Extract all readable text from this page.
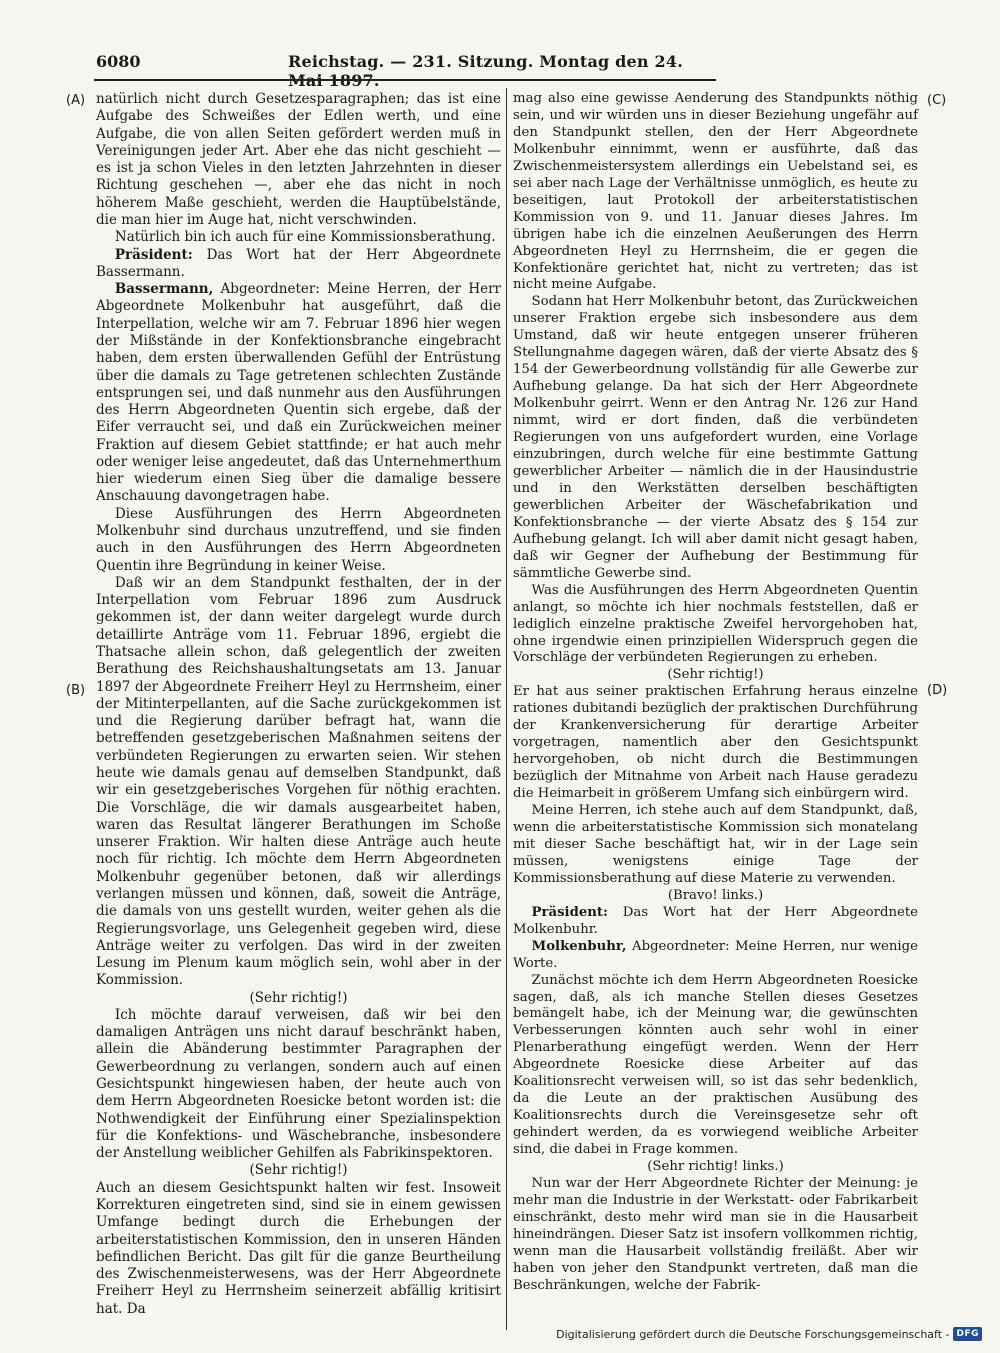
6080	Reichstag. — 231. Sitzung. Montag den 24.
(A)
(B)
(C)
(D)

natürlich nicht durch Gesetzesparagraphen; das ist eine Aufgabe des Schweißes der Edlen werth, und eine Aufgabe, die von allen Seiten gefördert werden muß in Vereinigungen jeder Art. Aber ehe das nicht geschieht — es ist ja schon Vieles in den letzten Jahrzehnten in dieser Richtung geschehen —, aber ehe das nicht in noch höherem Maße geschieht, werden die Hauptübelstände, die man hier im Auge hat, nicht verschwinden.

Natürlich bin ich auch für eine Kommissionsberathung.

Präsident: Das Wort hat der Herr Abgeordnete Bassermann.

Bassermann, Abgeordneter: Meine Herren, der Herr Abgeordnete Molkenbuhr hat ausgeführt, daß die Interpellation, welche wir am 7. Februar 1896 hier wegen der Mißstände in der Konfektionsbranche eingebracht haben, dem ersten überwallenden Gefühl der Entrüstung über die damals zu Tage getretenen schlechten Zustände entsprungen sei, und daß nunmehr aus den Ausführungen des Herrn Abgeordneten Quentin sich ergebe, daß der Eifer verraucht sei, und daß ein Zurückweichen meiner Fraktion auf diesem Gebiet stattfinde; er hat auch mehr oder weniger leise angedeutet, daß das Unternehmerthum hier wiederum einen Sieg über die damalige bessere Anschauung davongetragen habe.

Diese Ausführungen des Herrn Abgeordneten Molkenbuhr sind durchaus unzutreffend, und sie finden auch in den Ausführungen des Herrn Abgeordneten Quentin ihre Begründung in keiner Weise.

Daß wir an dem Standpunkt festhalten, der in der Interpellation vom Februar 1896 zum Ausdruck gekommen ist, der dann weiter dargelegt wurde durch detaillirte Anträge vom 11. Februar 1896, ergiebt die Thatsache allein schon, daß gelegentlich der zweiten Berathung des Reichshaushaltungsetats am 13. Januar 1897 der Abgeordnete Freiherr Heyl zu Herrnsheim, einer der Mitinterpellanten, auf die Sache zurückgekommen ist und die Regierung darüber befragt hat, wann die betreffenden gesetzgeberischen Maßnahmen seitens der verbündeten Regierungen zu erwarten seien. Wir stehen heute wie damals genau auf demselben Standpunkt, daß wir ein gesetzgeberisches Vorgehen für nöthig erachten. Die Vorschläge, die wir damals ausgearbeitet haben, waren das Resultat längerer Berathungen im Schoße unserer Fraktion. Wir halten diese Anträge auch heute noch für richtig. Ich möchte dem Herrn Abgeordneten Molkenbuhr gegenüber betonen, daß wir allerdings verlangen müssen und können, daß, soweit die Anträge, die damals von uns gestellt wurden, weiter gehen als die Regierungsvorlage, uns Gelegenheit gegeben wird, diese Anträge weiter zu verfolgen. Das wird in der zweiten Lesung im Plenum kaum möglich sein, wohl aber in der Kommission.

(Sehr richtig!)

Ich möchte darauf verweisen, daß wir bei den damaligen Anträgen uns nicht darauf beschränkt haben, allein die Abänderung bestimmter Paragraphen der Gewerbeordnung zu verlangen, sondern auch auf einen Gesichtspunkt hingewiesen haben, der heute auch von dem Herrn Abgeordneten Roesicke betont worden ist: die Nothwendigkeit der Einführung einer Spezialinspektion für die Konfektions- und Wäschebranche, insbesondere der Anstellung weiblicher Gehilfen als Fabrikinspektoren.

(Sehr richtig!)

Auch an diesem Gesichtspunkt halten wir fest. Insoweit Korrekturen eingetreten sind, sind sie in einem gewissen Umfange bedingt durch die Erhebungen der arbeiterstatistischen Kommission, den in unseren Händen befindlichen Bericht. Das gilt für die ganze Beurtheilung des Zwischenmeisterwesens, was der Herr Abgeordnete Freiherr Heyl zu Herrnsheim seinerzeit abfällig kritisirt hat. Da

mag also eine gewisse Aenderung des Standpunkts nöthig sein, und wir würden uns in dieser Beziehung ungefähr auf den Standpunkt stellen, den der Herr Abgeordnete Molkenbuhr einnimmt, wenn er ausführte, daß das Zwischenmeistersystem allerdings ein Uebelstand sei, es sei aber nach Lage der Verhältnisse unmöglich, es heute zu beseitigen, laut Protokoll der arbeiterstatistischen Kommission von 9. und 11. Januar dieses Jahres. Im übrigen habe ich die einzelnen Aeußerungen des Herrn Abgeordneten Heyl zu Herrnsheim, die er gegen die Konfektionäre gerichtet hat, nicht zu vertreten; das ist nicht meine Aufgabe.

Sodann hat Herr Molkenbuhr betont, das Zurückweichen unserer Fraktion ergebe sich insbesondere aus dem Umstand, daß wir heute entgegen unserer früheren Stellungnahme dagegen wären, daß der vierte Absatz des § 154 der Gewerbeordnung vollständig für alle Gewerbe zur Aufhebung gelange. Da hat sich der Herr Abgeordnete Molkenbuhr geirrt. Wenn er den Antrag Nr. 126 zur Hand nimmt, wird er dort finden, daß die verbündeten Regierungen von uns aufgefordert wurden, eine Vorlage einzubringen, durch welche für eine bestimmte Gattung gewerblicher Arbeiter — nämlich die in der Hausindustrie und in den Werkstätten derselben beschäftigten gewerblichen Arbeiter der Wäschefabrikation und Konfektionsbranche — der vierte Absatz des § 154 zur Aufhebung gelangt. Ich will aber damit nicht gesagt haben, daß wir Gegner der Aufhebung der Bestimmung für sämmtliche Gewerbe sind.

Was die Ausführungen des Herrn Abgeordneten Quentin anlangt, so möchte ich hier nochmals feststellen, daß er lediglich einzelne praktische Zweifel hervorgehoben hat, ohne irgendwie einen prinzipiellen Widerspruch gegen die Vorschläge der verbündeten Regierungen zu erheben.

(Sehr richtig!)

Er hat aus seiner praktischen Erfahrung heraus einzelne rationes dubitandi bezüglich der praktischen Durchführung der Krankenversicherung für derartige Arbeiter vorgetragen, namentlich aber den Gesichtspunkt hervorgehoben, ob nicht durch die Bestimmungen bezüglich der Mitnahme von Arbeit nach Hause geradezu die Heimarbeit in größerem Umfang sich einbürgern wird.

Meine Herren, ich stehe auch auf dem Standpunkt, daß, wenn die arbeiterstatistische Kommission sich monatelang mit dieser Sache beschäftigt hat, wir in der Lage sein müssen, wenigstens einige Tage der Kommissionsberathung auf diese Materie zu verwenden.

(Bravo! links.)

Präsident: Das Wort hat der Herr Abgeordnete Molkenbuhr.

Molkenbuhr, Abgeordneter: Meine Herren, nur wenige Worte.

Zunächst möchte ich dem Herrn Abgeordneten Roesicke sagen, daß, als ich manche Stellen dieses Gesetzes bemängelt habe, ich der Meinung war, die gewünschten Verbesserungen könnten auch sehr wohl in einer Plenarberathung eingefügt werden. Wenn der Herr Abgeordnete Roesicke diese Arbeiter auf das Koalitionsrecht verweisen will, so ist das sehr bedenklich, da die Leute an der praktischen Ausübung des Koalitionsrechts durch die Vereinsgesetze sehr oft gehindert werden, da es vorwiegend weibliche Arbeiter sind, die dabei in Frage kommen.

(Sehr richtig! links.)

Nun war der Herr Abgeordnete Richter der Meinung: je mehr man die Industrie in der Werkstatt- oder Fabrikarbeit einschränkt, desto mehr wird man sie in die Hausarbeit hineindrängen. Dieser Satz ist insofern vollkommen richtig, wenn man die Hausarbeit vollständig freiläßt. Aber wir haben von jeher den Standpunkt vertreten, daß man die Beschränkungen, welche der Fabrik-

Digitalisierung gefördert durch die Deutsche Forschungsgemeinschaft - DFG
